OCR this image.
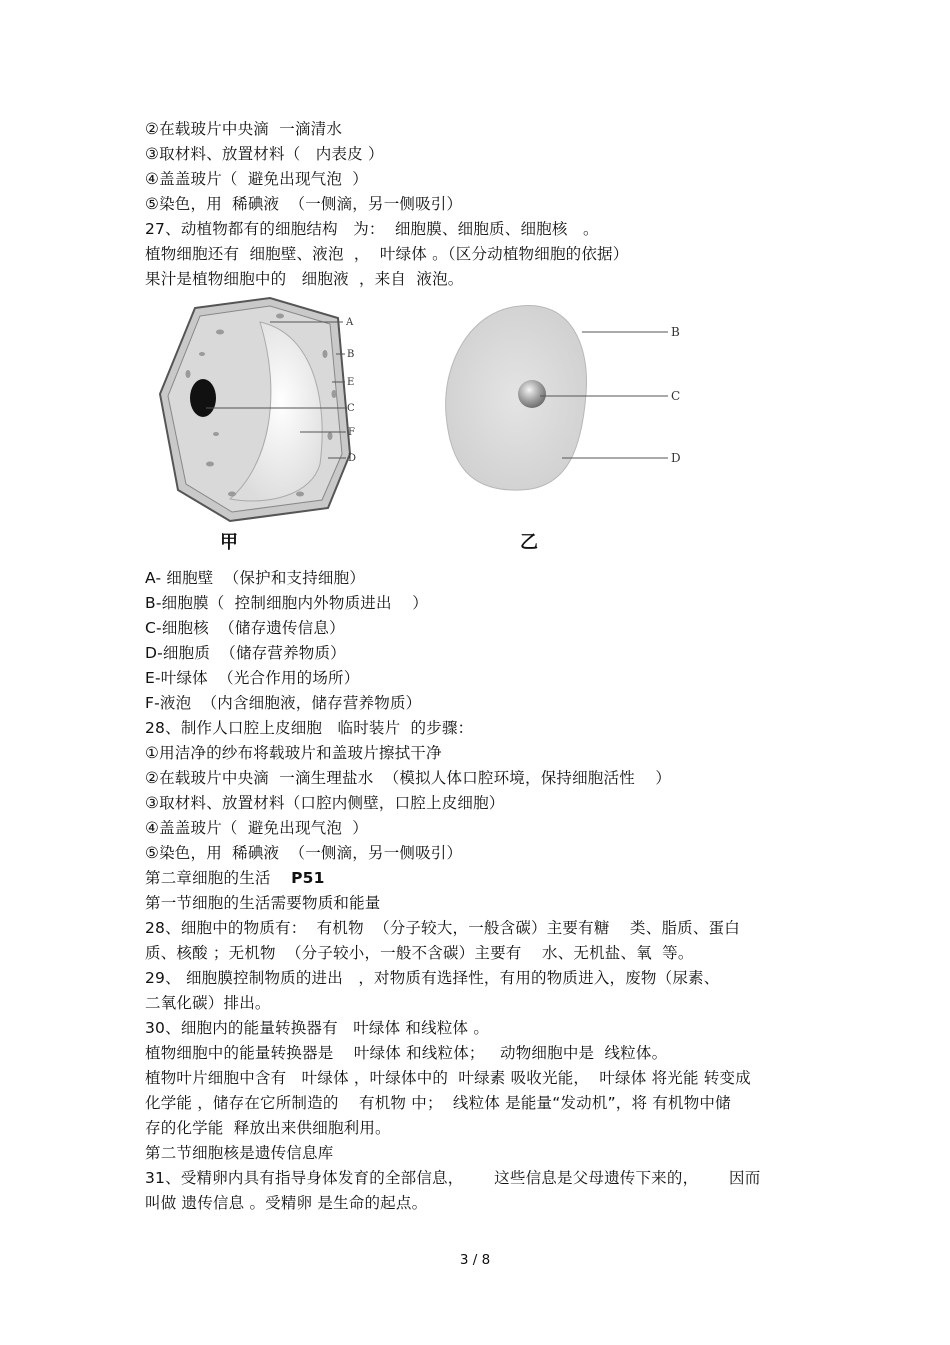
②在载玻片中央滴  一滴清水
③取材料、放置材料（   内表皮 ）
④盖盖玻片（  避免出现气泡  ）
⑤染色，用  稀碘液  （一侧滴，另一侧吸引）
27、动植物都有的细胞结构   为：  细胞膜、细胞质、细胞核   。
植物细胞还有  细胞壁、液泡  ，  叶绿体 。（区分动植物细胞的依据）
果汁是植物细胞中的   细胞液  ，来自  液泡。
A
B
E
C
F
D
甲
B
C
D
乙
A- 细胞壁  （保护和支持细胞）
B-细胞膜（  控制细胞内外物质进出    ）
C-细胞核  （储存遗传信息）
D-细胞质  （储存营养物质）
E-叶绿体  （光合作用的场所）
F-液泡  （内含细胞液，储存营养物质）
28、制作人口腔上皮细胞   临时装片  的步骤：
①用洁净的纱布将载玻片和盖玻片擦拭干净
②在载玻片中央滴  一滴生理盐水  （模拟人体口腔环境，保持细胞活性    ）
③取材料、放置材料（口腔内侧壁，口腔上皮细胞）
④盖盖玻片（  避免出现气泡  ）
⑤染色，用  稀碘液  （一侧滴，另一侧吸引）
第二章细胞的生活 P51
第一节细胞的生活需要物质和能量
28、细胞中的物质有：  有机物  （分子较大，一般含碳）主要有糖    类、脂质、蛋白
质、核酸 ；无机物  （分子较小，一般不含碳）主要有    水、无机盐、氧  等。
29、 细胞膜控制物质的进出   ，对物质有选择性，有用的物质进入，废物（尿素、
二氧化碳）排出。
30、细胞内的能量转换器有   叶绿体 和线粒体 。
植物细胞中的能量转换器是    叶绿体 和线粒体；   动物细胞中是  线粒体。
植物叶片细胞中含有   叶绿体 ，叶绿体中的  叶绿素 吸收光能，  叶绿体 将光能 转变成
化学能 ，储存在它所制造的    有机物 中；  线粒体 是能量“发动机”，将 有机物中储
存的化学能  释放出来供细胞利用。
第二节细胞核是遗传信息库
31、受精卵内具有指导身体发育的全部信息，      这些信息是父母遗传下来的，      因而
叫做 遗传信息 。受精卵 是生命的起点。
3 / 8
